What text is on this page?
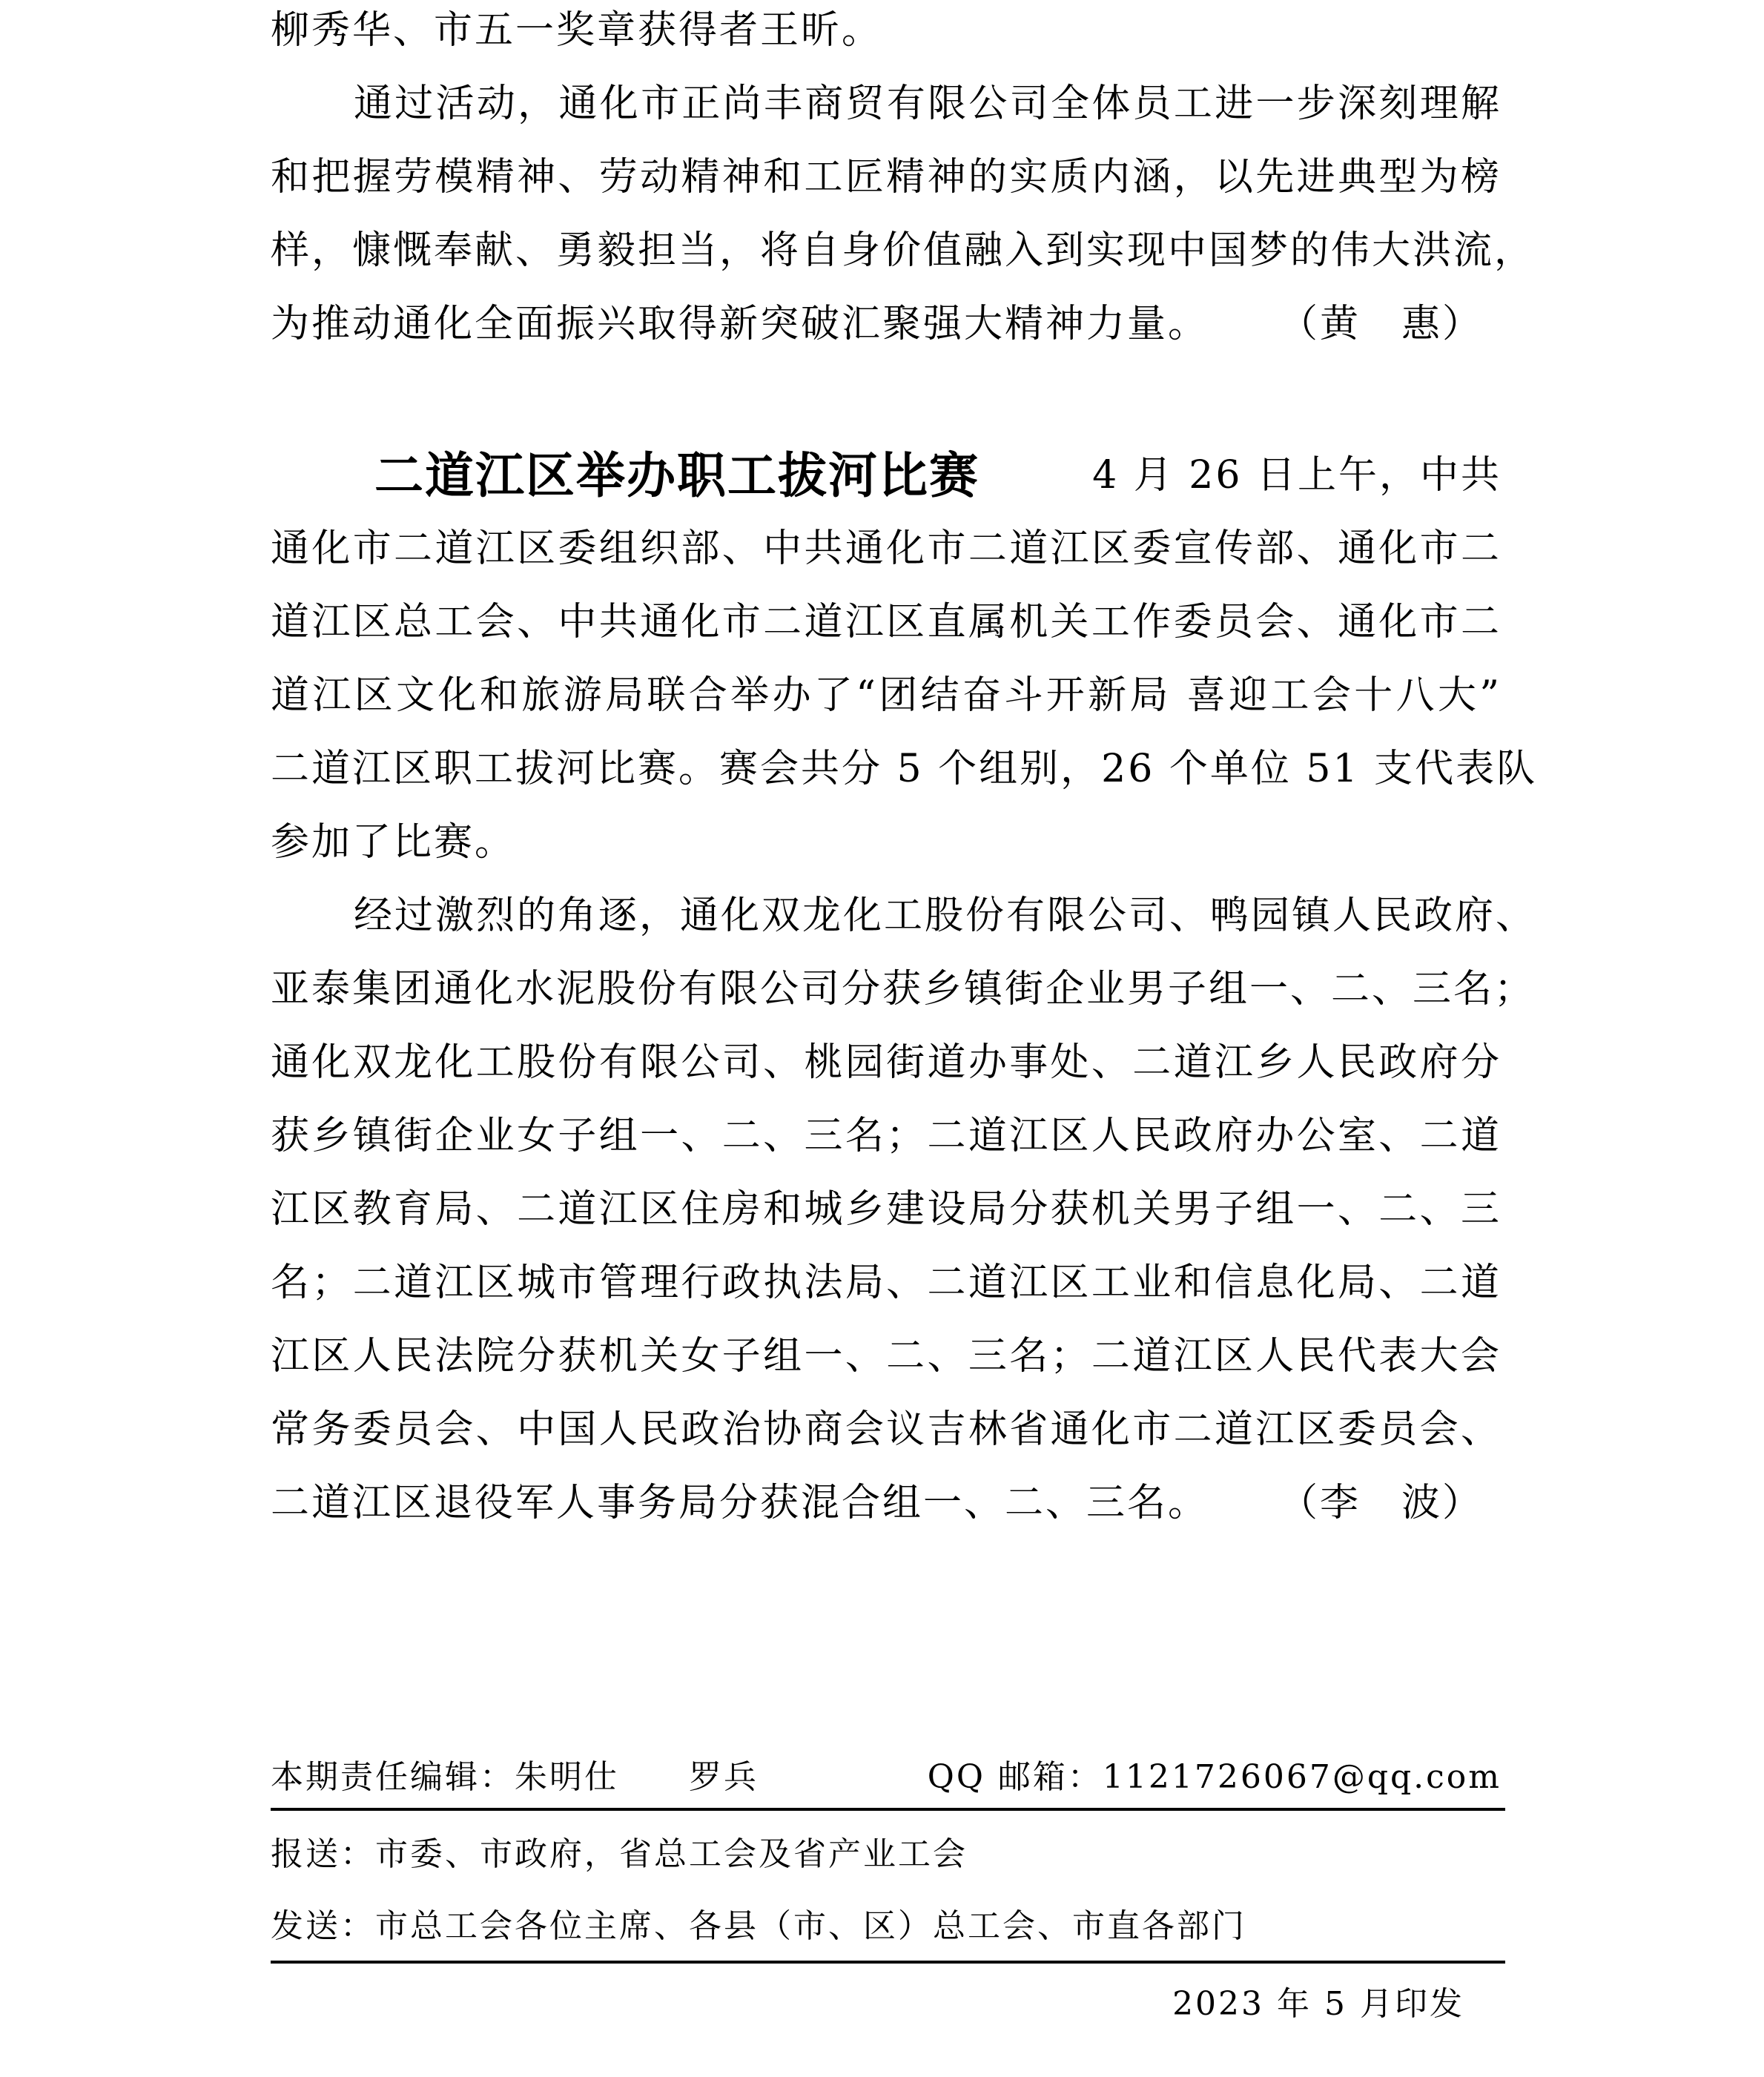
柳秀华、市五一奖章获得者王昕。

通过活动，通化市正尚丰商贸有限公司全体员工进一步深刻理解
和把握劳模精神、劳动精神和工匠精神的实质内涵，以先进典型为榜
样，慷慨奉献、勇毅担当，将自身价值融入到实现中国梦的伟大洪流，
为推动通化全面振兴取得新突破汇聚强大精神力量。 （黄　惠）

二道江区举办职工拔河比赛	4 月 26 日上午，中共

通化市二道江区委组织部、中共通化市二道江区委宣传部、通化市二
道江区总工会、中共通化市二道江区直属机关工作委员会、通化市二
道江区文化和旅游局联合举办了“团结奋斗开新局 喜迎工会十八大”
二道江区职工拔河比赛。赛会共分 5 个组别，26 个单位 51 支代表队
参加了比赛。

经过激烈的角逐，通化双龙化工股份有限公司、鸭园镇人民政府、
亚泰集团通化水泥股份有限公司分获乡镇街企业男子组一、二、三名；
通化双龙化工股份有限公司、桃园街道办事处、二道江乡人民政府分
获乡镇街企业女子组一、二、三名；二道江区人民政府办公室、二道
江区教育局、二道江区住房和城乡建设局分获机关男子组一、二、三
名；二道江区城市管理行政执法局、二道江区工业和信息化局、二道
江区人民法院分获机关女子组一、二、三名；二道江区人民代表大会
常务委员会、中国人民政治协商会议吉林省通化市二道江区委员会、
二道江区退役军人事务局分获混合组一、二、三名。 （李　波）

本期责任编辑：朱明仕　　罗兵	QQ 邮箱：1121726067@qq.com
报送：市委、市政府，省总工会及省产业工会
发送：市总工会各位主席、各县（市、区）总工会、市直各部门
2023 年 5 月印发
